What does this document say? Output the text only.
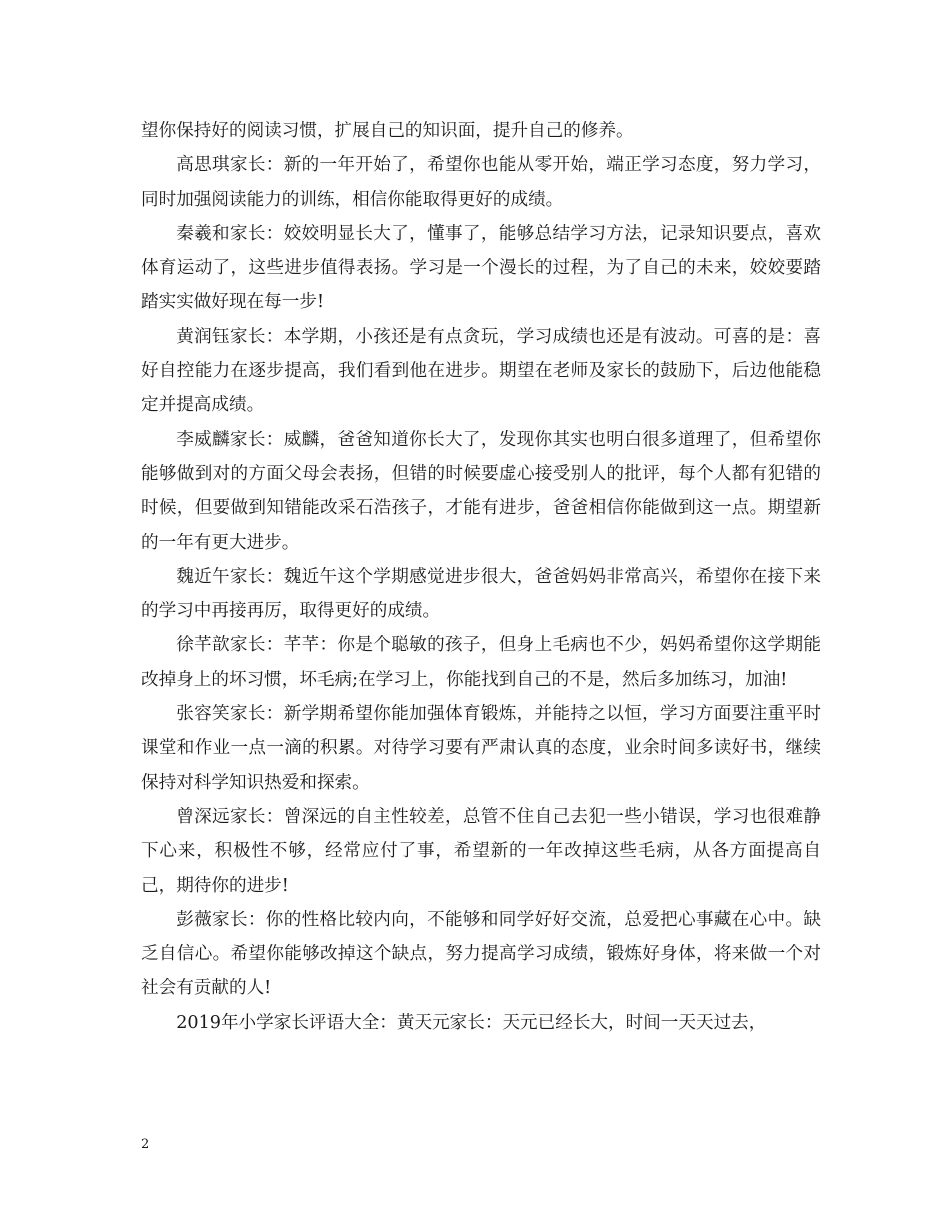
望你保持好的阅读习惯，扩展自己的知识面，提升自己的修养。

高思琪家长：新的一年开始了，希望你也能从零开始，端正学习态度，努力学习，同时加强阅读能力的训练，相信你能取得更好的成绩。

秦羲和家长：姣姣明显长大了，懂事了，能够总结学习方法，记录知识要点，喜欢体育运动了，这些进步值得表扬。学习是一个漫长的过程，为了自己的未来，姣姣要踏踏实实做好现在每一步!

黄润钰家长：本学期，小孩还是有点贪玩，学习成绩也还是有波动。可喜的是：喜好自控能力在逐步提高，我们看到他在进步。期望在老师及家长的鼓励下，后边他能稳定并提高成绩。

李威麟家长：威麟，爸爸知道你长大了，发现你其实也明白很多道理了，但希望你能够做到对的方面父母会表扬，但错的时候要虚心接受别人的批评，每个人都有犯错的时候，但要做到知错能改采石浩孩子，才能有进步，爸爸相信你能做到这一点。期望新的一年有更大进步。

魏近午家长：魏近午这个学期感觉进步很大，爸爸妈妈非常高兴，希望你在接下来的学习中再接再厉，取得更好的成绩。

徐芊歆家长：芊芊：你是个聪敏的孩子，但身上毛病也不少，妈妈希望你这学期能改掉身上的坏习惯，坏毛病;在学习上，你能找到自己的不是，然后多加练习，加油!

张容笑家长：新学期希望你能加强体育锻炼，并能持之以恒，学习方面要注重平时课堂和作业一点一滴的积累。对待学习要有严肃认真的态度，业余时间多读好书，继续保持对科学知识热爱和探索。

曾深远家长：曾深远的自主性较差，总管不住自己去犯一些小错误，学习也很难静下心来，积极性不够，经常应付了事，希望新的一年改掉这些毛病，从各方面提高自己，期待你的进步!

彭薇家长：你的性格比较内向，不能够和同学好好交流，总爱把心事藏在心中。缺乏自信心。希望你能够改掉这个缺点，努力提高学习成绩，锻炼好身体，将来做一个对社会有贡献的人!

2019年小学家长评语大全：黄天元家长：天元已经长大，时间一天天过去，

2
